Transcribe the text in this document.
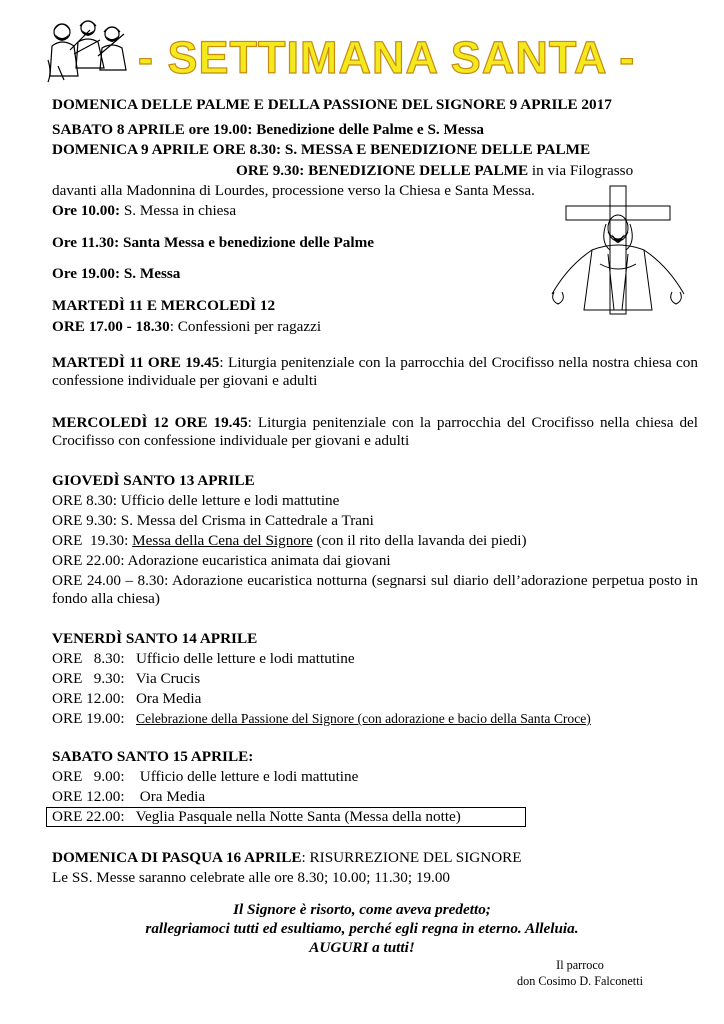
- SETTIMANA SANTA -
DOMENICA DELLE PALME E DELLA PASSIONE DEL SIGNORE 9 APRILE 2017
SABATO 8 APRILE ore 19.00: Benedizione delle Palme e S. Messa
DOMENICA 9 APRILE ORE 8.30: S. MESSA E BENEDIZIONE DELLE PALME
ORE 9.30: BENEDIZIONE DELLE PALME in via Filograsso
davanti alla Madonnina di Lourdes, processione verso la Chiesa e Santa Messa.
Ore 10.00: S. Messa in chiesa
Ore 11.30: Santa Messa e benedizione delle Palme
Ore 19.00: S. Messa
MARTEDÌ 11 E MERCOLEDÌ 12
ORE 17.00 - 18.30: Confessioni per ragazzi
MARTEDÌ 11 ORE 19.45: Liturgia penitenziale con la parrocchia del Crocifisso nella nostra chiesa con confessione individuale per giovani e adulti
MERCOLEDÌ 12 ORE 19.45: Liturgia penitenziale con la parrocchia del Crocifisso nella chiesa del Crocifisso con confessione individuale per giovani e adulti
GIOVEDÌ SANTO 13 APRILE
ORE 8.30: Ufficio delle letture e lodi mattutine
ORE 9.30: S. Messa del Crisma in Cattedrale a Trani
ORE  19.30: Messa della Cena del Signore (con il rito della lavanda dei piedi)
ORE 22.00: Adorazione eucaristica animata dai giovani
ORE 24.00 – 8.30: Adorazione eucaristica notturna (segnarsi sul diario dell’adorazione perpetua posto in fondo alla chiesa)
VENERDÌ SANTO 14 APRILE
ORE   8.30:   Ufficio delle letture e lodi mattutine
ORE   9.30:   Via Crucis
ORE 12.00:   Ora Media
ORE 19.00:   Celebrazione della Passione del Signore (con adorazione e bacio della Santa Croce)
SABATO SANTO 15 APRILE:
ORE   9.00:    Ufficio delle letture e lodi mattutine
ORE 12.00:    Ora Media
ORE 22.00:   Veglia Pasquale nella Notte Santa (Messa della notte)
DOMENICA DI PASQUA 16 APRILE: RISURREZIONE DEL SIGNORE
Le SS. Messe saranno celebrate alle ore 8.30; 10.00; 11.30; 19.00
Il Signore è risorto, come aveva predetto;
rallegriamoci tutti ed esultiamo, perché egli regna in eterno. Alleluia.
AUGURI a tutti!
Il parroco
don Cosimo D. Falconetti
